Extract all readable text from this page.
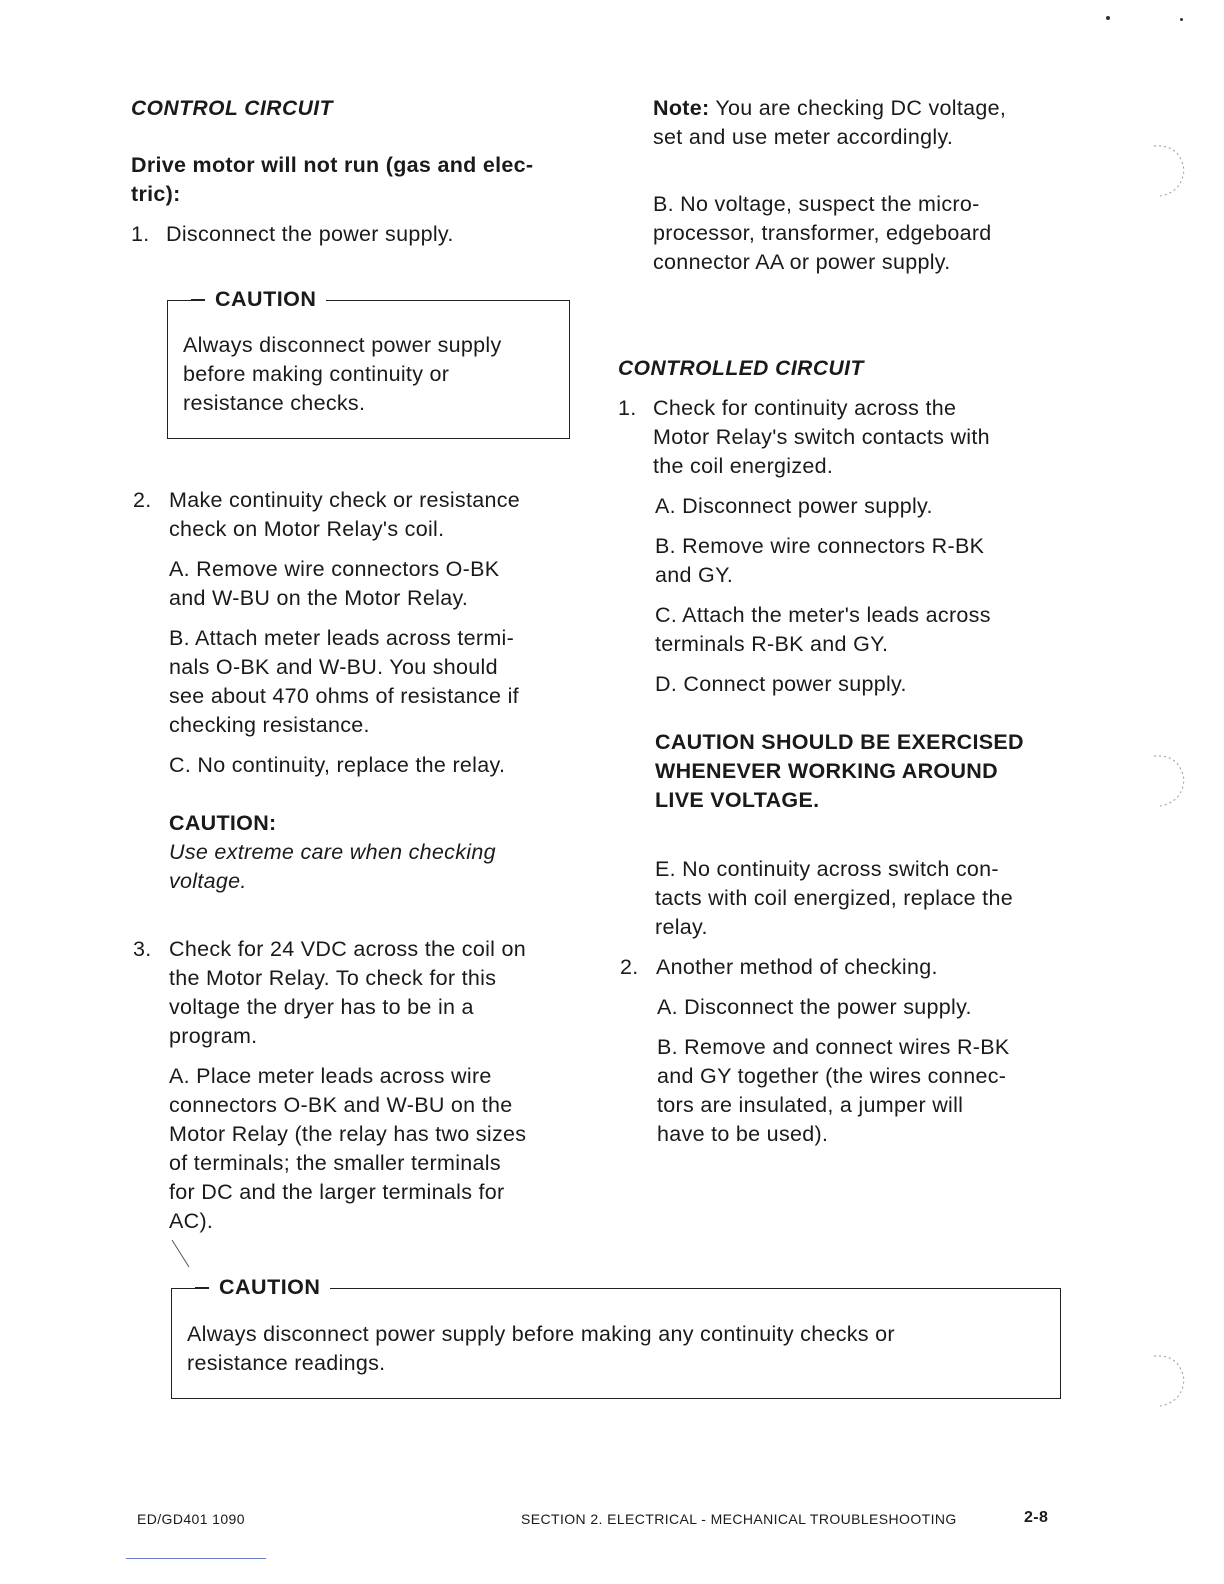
CONTROL CIRCUIT
Drive motor will not run (gas and elec-
tric):
1. Disconnect the power supply.
CAUTION
Always disconnect power supply
before making continuity or
resistance checks.
2. Make continuity check or resistance
check on Motor Relay's coil.
A. Remove wire connectors O-BK
and W-BU on the Motor Relay.
B. Attach meter leads across termi-
nals O-BK and W-BU. You should
see about 470 ohms of resistance if
checking resistance.
C. No continuity, replace the relay.
CAUTION:
Use extreme care when checking
voltage.
3. Check for 24 VDC across the coil on
the Motor Relay. To check for this
voltage the dryer has to be in a
program.
A. Place meter leads across wire
connectors O-BK and W-BU on the
Motor Relay (the relay has two sizes
of terminals; the smaller terminals
for DC and the larger terminals for
AC).
Note: You are checking DC voltage,
set and use meter accordingly.
B. No voltage, suspect the micro-
processor, transformer, edgeboard
connector AA or power supply.
CONTROLLED CIRCUIT
1. Check for continuity across the
Motor Relay's switch contacts with
the coil energized.
A. Disconnect power supply.
B. Remove wire connectors R-BK
and GY.
C. Attach the meter's leads across
terminals R-BK and GY.
D. Connect power supply.
CAUTION SHOULD BE EXERCISED
WHENEVER WORKING AROUND
LIVE VOLTAGE.
E. No continuity across switch con-
tacts with coil energized, replace the
relay.
2. Another method of checking.
A. Disconnect the power supply.
B. Remove and connect wires R-BK
and GY together (the wires connec-
tors are insulated, a jumper will
have to be used).
CAUTION
Always disconnect power supply before making any continuity checks or
resistance readings.
ED/GD401 1090	SECTION 2. ELECTRICAL - MECHANICAL TROUBLESHOOTING	2-8
